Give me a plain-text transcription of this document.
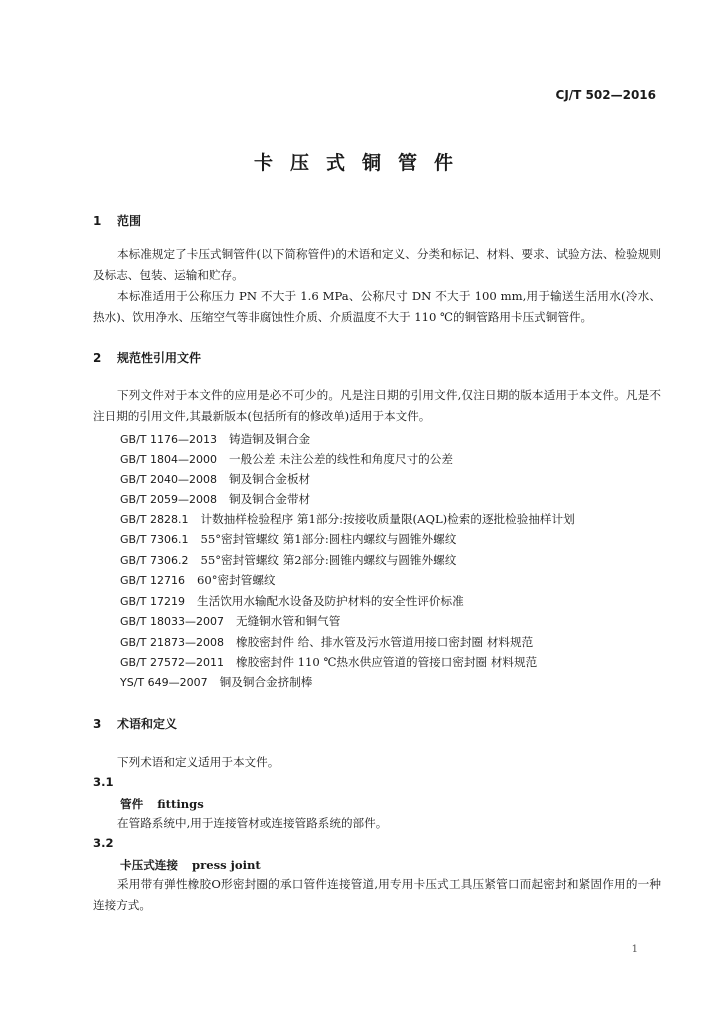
CJ/T 502—2016
卡压式铜管件
1 范围
本标准规定了卡压式铜管件(以下简称管件)的术语和定义、分类和标记、材料、要求、试验方法、检验规则及标志、包装、运输和贮存。
本标准适用于公称压力 PN 不大于 1.6 MPa、公称尺寸 DN 不大于 100 mm,用于输送生活用水(冷水、热水)、饮用净水、压缩空气等非腐蚀性介质、介质温度不大于 110 ℃的铜管路用卡压式铜管件。
2 规范性引用文件
下列文件对于本文件的应用是必不可少的。凡是注日期的引用文件,仅注日期的版本适用于本文件。凡是不注日期的引用文件,其最新版本(包括所有的修改单)适用于本文件。
GB/T 1176—2013 铸造铜及铜合金
GB/T 1804—2000 一般公差 未注公差的线性和角度尺寸的公差
GB/T 2040—2008 铜及铜合金板材
GB/T 2059—2008 铜及铜合金带材
GB/T 2828.1 计数抽样检验程序 第1部分:按接收质量限(AQL)检索的逐批检验抽样计划
GB/T 7306.1 55°密封管螺纹 第1部分:圆柱内螺纹与圆锥外螺纹
GB/T 7306.2 55°密封管螺纹 第2部分:圆锥内螺纹与圆锥外螺纹
GB/T 12716 60°密封管螺纹
GB/T 17219 生活饮用水输配水设备及防护材料的安全性评价标准
GB/T 18033—2007 无缝铜水管和铜气管
GB/T 21873—2008 橡胶密封件 给、排水管及污水管道用接口密封圈 材料规范
GB/T 27572—2011 橡胶密封件 110 ℃热水供应管道的管接口密封圈 材料规范
YS/T 649—2007 铜及铜合金挤制棒
3 术语和定义
下列术语和定义适用于本文件。
3.1
管件 fittings
在管路系统中,用于连接管材或连接管路系统的部件。
3.2
卡压式连接 press joint
采用带有弹性橡胶O形密封圈的承口管件连接管道,用专用卡压式工具压紧管口而起密封和紧固作用的一种连接方式。
1
